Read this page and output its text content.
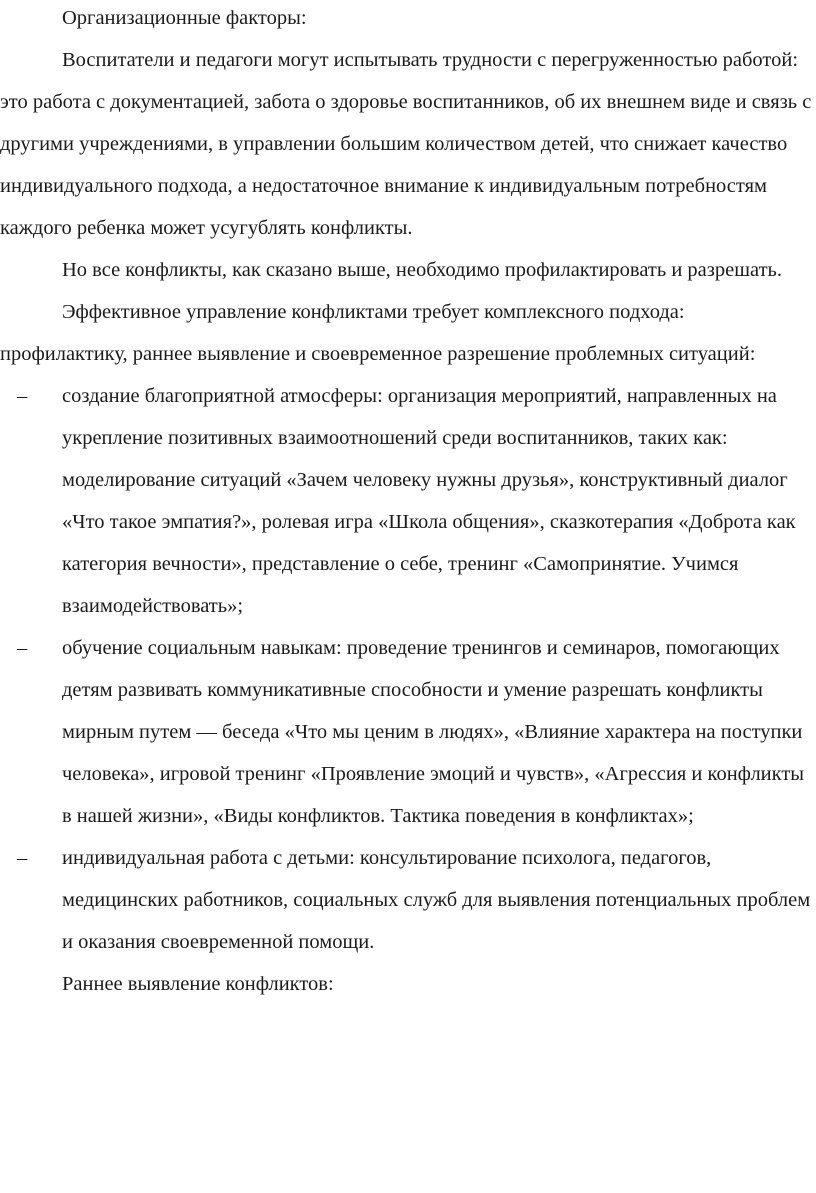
Организационные факторы:

Воспитатели и педагоги могут испытывать трудности с перегруженностью работой: это работа с документацией, забота о здоровье воспитанников, об их внешнем виде и связь с другими учреждениями, в управлении большим количеством детей, что снижает качество индивидуального подхода, а недостаточное внимание к индивидуальным потребностям каждого ребенка может усугублять конфликты.

Но все конфликты, как сказано выше, необходимо профилактировать и разрешать.

Эффективное управление конфликтами требует комплексного подхода: профилактику, раннее выявление и своевременное разрешение проблемных ситуаций:

– создание благоприятной атмосферы: организация мероприятий, направленных на укрепление позитивных взаимоотношений среди воспитанников, таких как: моделирование ситуаций «Зачем человеку нужны друзья», конструктивный диалог «Что такое эмпатия?», ролевая игра «Школа общения», сказкотерапия «Доброта как категория вечности», представление о себе, тренинг «Самопринятие. Учимся взаимодействовать»;
– обучение социальным навыкам: проведение тренингов и семинаров, помогающих детям развивать коммуникативные способности и умение разрешать конфликты мирным путем — беседа «Что мы ценим в людях», «Влияние характера на поступки человека», игровой тренинг «Проявление эмоций и чувств», «Агрессия и конфликты в нашей жизни», «Виды конфликтов. Тактика поведения в конфликтах»;
– индивидуальная работа с детьми: консультирование психолога, педагогов, медицинских работников, социальных служб для выявления потенциальных проблем и оказания своевременной помощи.

Раннее выявление конфликтов:
